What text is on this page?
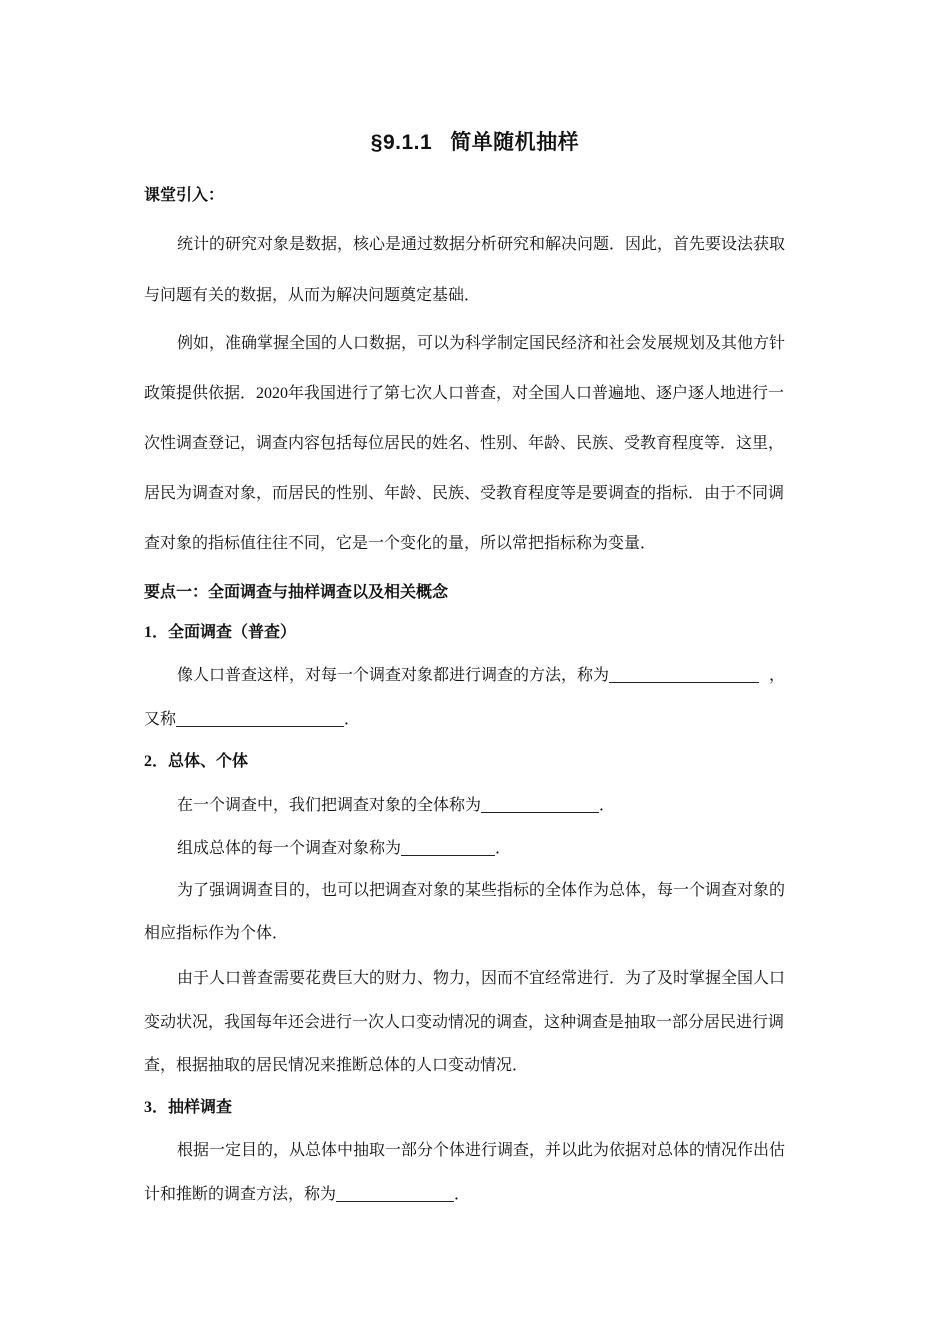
§9.1.1 简单随机抽样
课堂引入：
统计的研究对象是数据，核心是通过数据分析研究和解决问题．因此，首先要设法获取
与问题有关的数据，从而为解决问题奠定基础．
例如，准确掌握全国的人口数据，可以为科学制定国民经济和社会发展规划及其他方针
政策提供依据．2020年我国进行了第七次人口普查，对全国人口普遍地、逐户逐人地进行一
次性调查登记，调查内容包括每位居民的姓名、性别、年龄、民族、受教育程度等．这里，
居民为调查对象，而居民的性别、年龄、民族、受教育程度等是要调查的指标．由于不同调
查对象的指标值往往不同，它是一个变化的量，所以常把指标称为变量．
要点一：全面调查与抽样调查以及相关概念
1．全面调查（普查）
像人口普查这样，对每一个调查对象都进行调查的方法，称为	，
又称	．
2．总体、个体
在一个调查中，我们把调查对象的全体称为	．
组成总体的每一个调查对象称为	．
为了强调调查目的，也可以把调查对象的某些指标的全体作为总体，每一个调查对象的
相应指标作为个体．
由于人口普查需要花费巨大的财力、物力，因而不宜经常进行．为了及时掌握全国人口
变动状况，我国每年还会进行一次人口变动情况的调查，这种调查是抽取一部分居民进行调
查，根据抽取的居民情况来推断总体的人口变动情况．
3．抽样调查
根据一定目的，从总体中抽取一部分个体进行调查，并以此为依据对总体的情况作出估
计和推断的调查方法，称为	．
